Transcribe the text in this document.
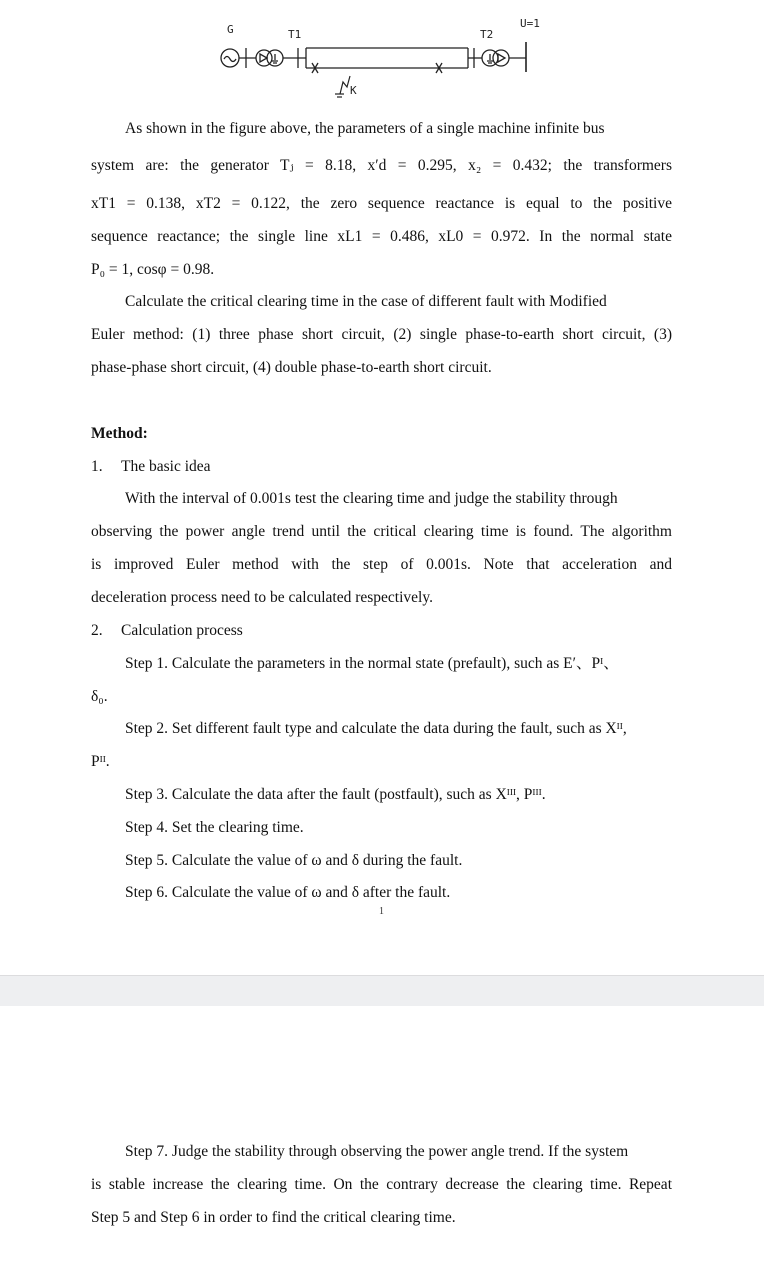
G	T1	T2
U=1
K
As shown in the figure above, the parameters of a single machine infinite bus
system are: the generator Tⱼ = 8.18, x′d = 0.295, x₂ = 0.432; the transformers
xT1 = 0.138, xT2 = 0.122, the zero sequence reactance is equal to the positive
sequence reactance; the single line xL1 = 0.486, xL0 = 0.972. In the normal state
P₀ = 1, cosφ = 0.98.
Calculate the critical clearing time in the case of different fault with Modified
Euler method: (1) three phase short circuit, (2) single phase-to-earth short circuit, (3)
phase-phase short circuit, (4) double phase-to-earth short circuit.
Method:
1. The basic idea
With the interval of 0.001s test the clearing time and judge the stability through
observing the power angle trend until the critical clearing time is found. The algorithm
is improved Euler method with the step of 0.001s. Note that acceleration and
deceleration process need to be calculated respectively.
2. Calculation process
Step 1. Calculate the parameters in the normal state (prefault), such as E′、Pᴵ、
δ₀.
Step 2. Set different fault type and calculate the data during the fault, such as Xᴵᴵ,
Pᴵᴵ.
Step 3. Calculate the data after the fault (postfault), such as Xᴵᴵᴵ, Pᴵᴵᴵ.
Step 4. Set the clearing time.
Step 5. Calculate the value of ω and δ during the fault.
Step 6. Calculate the value of ω and δ after the fault.
1
Step 7. Judge the stability through observing the power angle trend. If the system
is stable increase the clearing time. On the contrary decrease the clearing time. Repeat
Step 5 and Step 6 in order to find the critical clearing time.
